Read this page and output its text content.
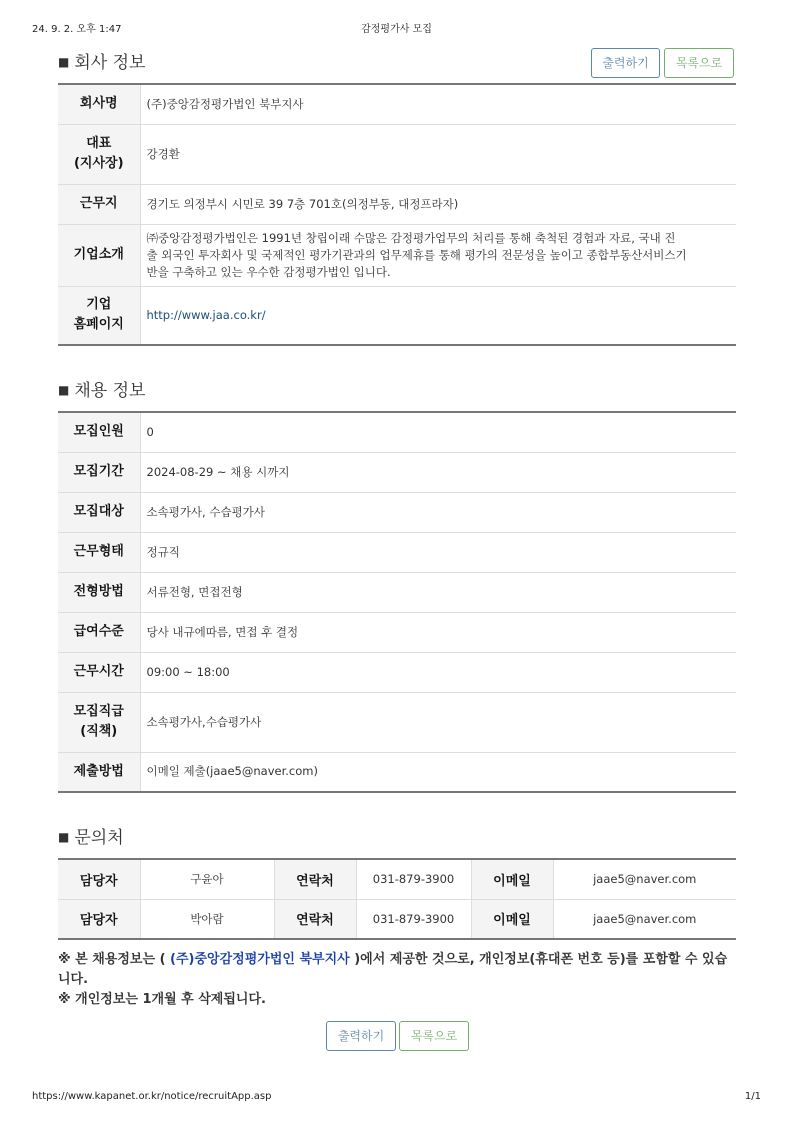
24. 9. 2. 오후 1:47	감정평가사 모집
■ 회사 정보	출력하기	목록으로
회사명	(주)중앙감정평가법인 북부지사
대표
(지사장)	강경환
근무지	경기도 의정부시 시민로 39 7층 701호(의정부동, 대정프라자)
기업소개	㈜중앙감정평가법인은 1991년 창립이래 수많은 감정평가업무의 처리를 통해 축척된 경험과 자료, 국내 진
출 외국인 투자회사 및 국제적인 평가기관과의 업무제휴를 통해 평가의 전문성을 높이고 종합부동산서비스기
반을 구축하고 있는 우수한 감정평가법인 입니다.
기업
홈페이지	http://www.jaa.co.kr/
■ 채용 정보
모집인원	0
모집기간	2024-08-29 ~ 채용 시까지
모집대상	소속평가사, 수습평가사
근무형태	정규직
전형방법	서류전형, 면접전형
급여수준	당사 내규에따름, 면접 후 결정
근무시간	09:00 ~ 18:00
모집직급
(직책)	소속평가사,수습평가사
제출방법	이메일 제출(jaae5@naver.com)
■ 문의처
담당자	구윤아	연락처	031-879-3900	이메일	jaae5@naver.com
담당자	박아람	연락처	031-879-3900	이메일	jaae5@naver.com
※ 본 채용정보는 ( (주)중앙감정평가법인 북부지사 )에서 제공한 것으로, 개인정보(휴대폰 번호 등)를 포함할 수 있습니다.
※ 개인정보는 1개월 후 삭제됩니다.
출력하기	목록으로
https://www.kapanet.or.kr/notice/recruitApp.asp	1/1
